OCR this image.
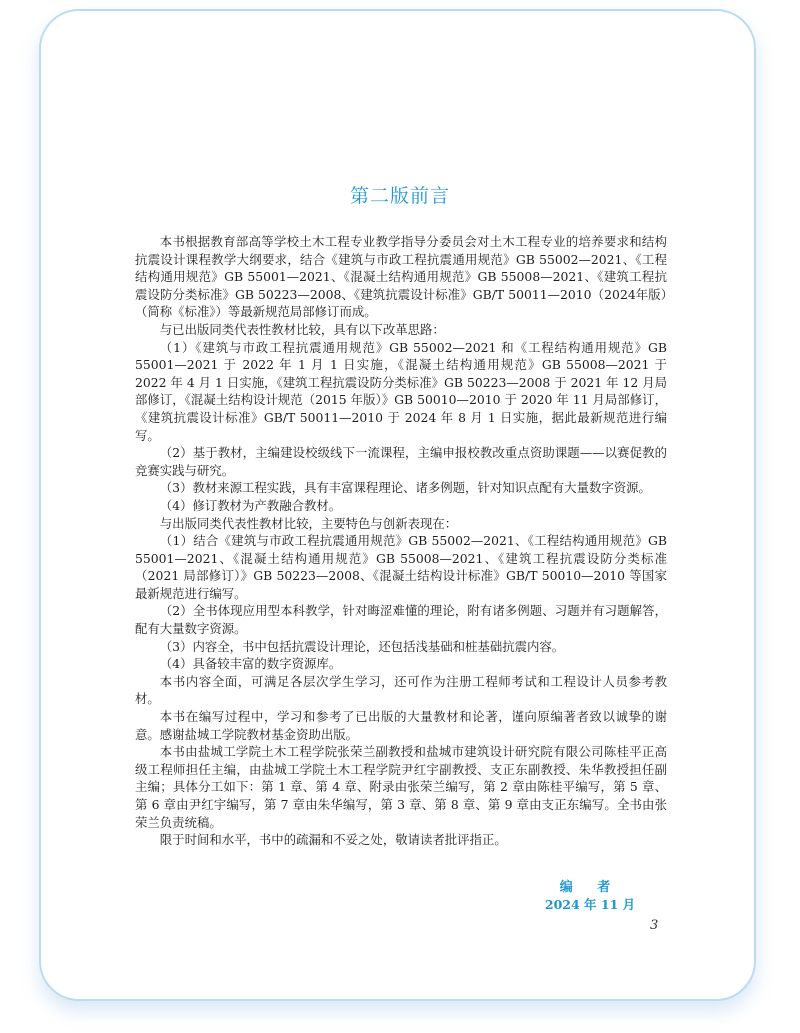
第二版前言

本书根据教育部高等学校土木工程专业教学指导分委员会对土木工程专业的培养要求和结构抗震设计课程教学大纲要求，结合《建筑与市政工程抗震通用规范》GB 55002—2021、《工程结构通用规范》GB 55001—2021、《混凝土结构通用规范》GB 55008—2021、《建筑工程抗震设防分类标准》GB 50223—2008、《建筑抗震设计标准》GB/T 50011—2010（2024年版）（简称《标准》）等最新规范局部修订而成。

与已出版同类代表性教材比较，具有以下改革思路：

（1）《建筑与市政工程抗震通用规范》GB 55002—2021 和《工程结构通用规范》GB 55001—2021 于 2022 年 1 月 1 日实施，《混凝土结构通用规范》GB 55008—2021 于 2022 年 4 月 1 日实施，《建筑工程抗震设防分类标准》GB 50223—2008 于 2021 年 12 月局部修订，《混凝土结构设计规范（2015 年版）》GB 50010—2010 于 2020 年 11 月局部修订，《建筑抗震设计标准》GB/T 50011—2010 于 2024 年 8 月 1 日实施，据此最新规范进行编写。

（2）基于教材，主编建设校级线下一流课程，主编申报校教改重点资助课题——以赛促教的竞赛实践与研究。

（3）教材来源工程实践，具有丰富课程理论、诸多例题，针对知识点配有大量数字资源。

（4）修订教材为产教融合教材。

与出版同类代表性教材比较，主要特色与创新表现在：

（1）结合《建筑与市政工程抗震通用规范》GB 55002—2021、《工程结构通用规范》GB 55001—2021、《混凝土结构通用规范》GB 55008—2021、《建筑工程抗震设防分类标准（2021 局部修订）》GB 50223—2008、《混凝土结构设计标准》GB/T 50010—2010 等国家最新规范进行编写。

（2）全书体现应用型本科教学，针对晦涩难懂的理论，附有诸多例题、习题并有习题解答，配有大量数字资源。

（3）内容全，书中包括抗震设计理论，还包括浅基础和桩基础抗震内容。

（4）具备较丰富的数字资源库。

本书内容全面，可满足各层次学生学习，还可作为注册工程师考试和工程设计人员参考教材。

本书在编写过程中，学习和参考了已出版的大量教材和论著，谨向原编著者致以诚挚的谢意。感谢盐城工学院教材基金资助出版。

本书由盐城工学院土木工程学院张荣兰副教授和盐城市建筑设计研究院有限公司陈桂平正高级工程师担任主编，由盐城工学院土木工程学院尹红宇副教授、支正东副教授、朱华教授担任副主编；具体分工如下：第 1 章、第 4 章、附录由张荣兰编写，第 2 章由陈桂平编写，第 5 章、第 6 章由尹红宇编写，第 7 章由朱华编写，第 3 章、第 8 章、第 9 章由支正东编写。全书由张荣兰负责统稿。

限于时间和水平，书中的疏漏和不妥之处，敬请读者批评指正。

编 者
2024 年 11 月
3
